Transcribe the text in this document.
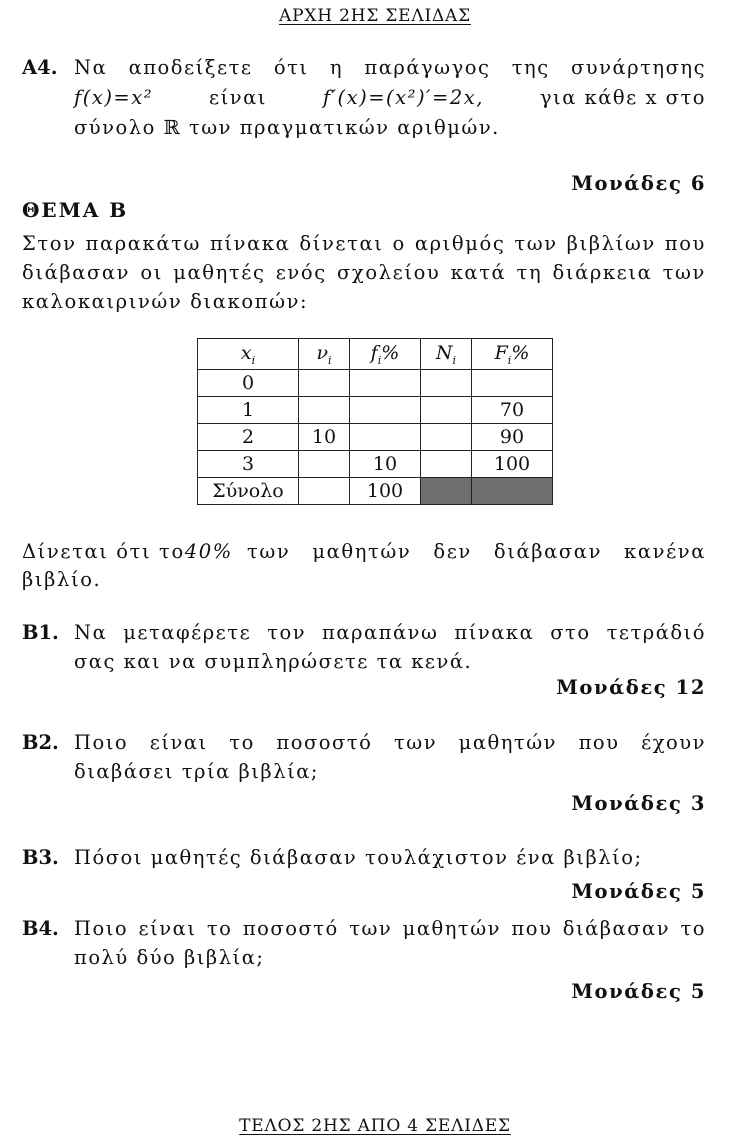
ΑΡΧΗ 2ΗΣ ΣΕΛΙΔΑΣ
Α4. Να αποδείξετε ότι η παράγωγος της συνάρτησης
f(x)=x²	είναι	f′(x)=(x²)′=2x,	για κάθε x στο
σύνολο ℝ των πραγματικών αριθμών.
Μονάδες 6
ΘΕΜΑ Β
Στον παρακάτω πίνακα δίνεται ο αριθμός των βιβλίων που
διάβασαν οι μαθητές ενός σχολείου κατά τη διάρκεια των
καλοκαιρινών διακοπών:
$x_i$	$\nu_i$	$f_i\%$	$N_i$	$F_i\%$
0				
1				70
2	10			90
3		10		100
Σύνολο		100		
Δίνεται ότι το 40% των μαθητών δεν διάβασαν κανένα
βιβλίο.
Β1. Να μεταφέρετε τον παραπάνω πίνακα στο τετράδιό
σας και να συμπληρώσετε τα κενά.
Μονάδες 12
Β2. Ποιο είναι το ποσοστό των μαθητών που έχουν
διαβάσει τρία βιβλία;
Μονάδες 3
Β3. Πόσοι μαθητές διάβασαν τουλάχιστον ένα βιβλίο;
Μονάδες 5
Β4. Ποιο είναι το ποσοστό των μαθητών που διάβασαν το
πολύ δύο βιβλία;
Μονάδες 5
ΤΕΛΟΣ 2ΗΣ ΑΠΟ 4 ΣΕΛΙΔΕΣ
